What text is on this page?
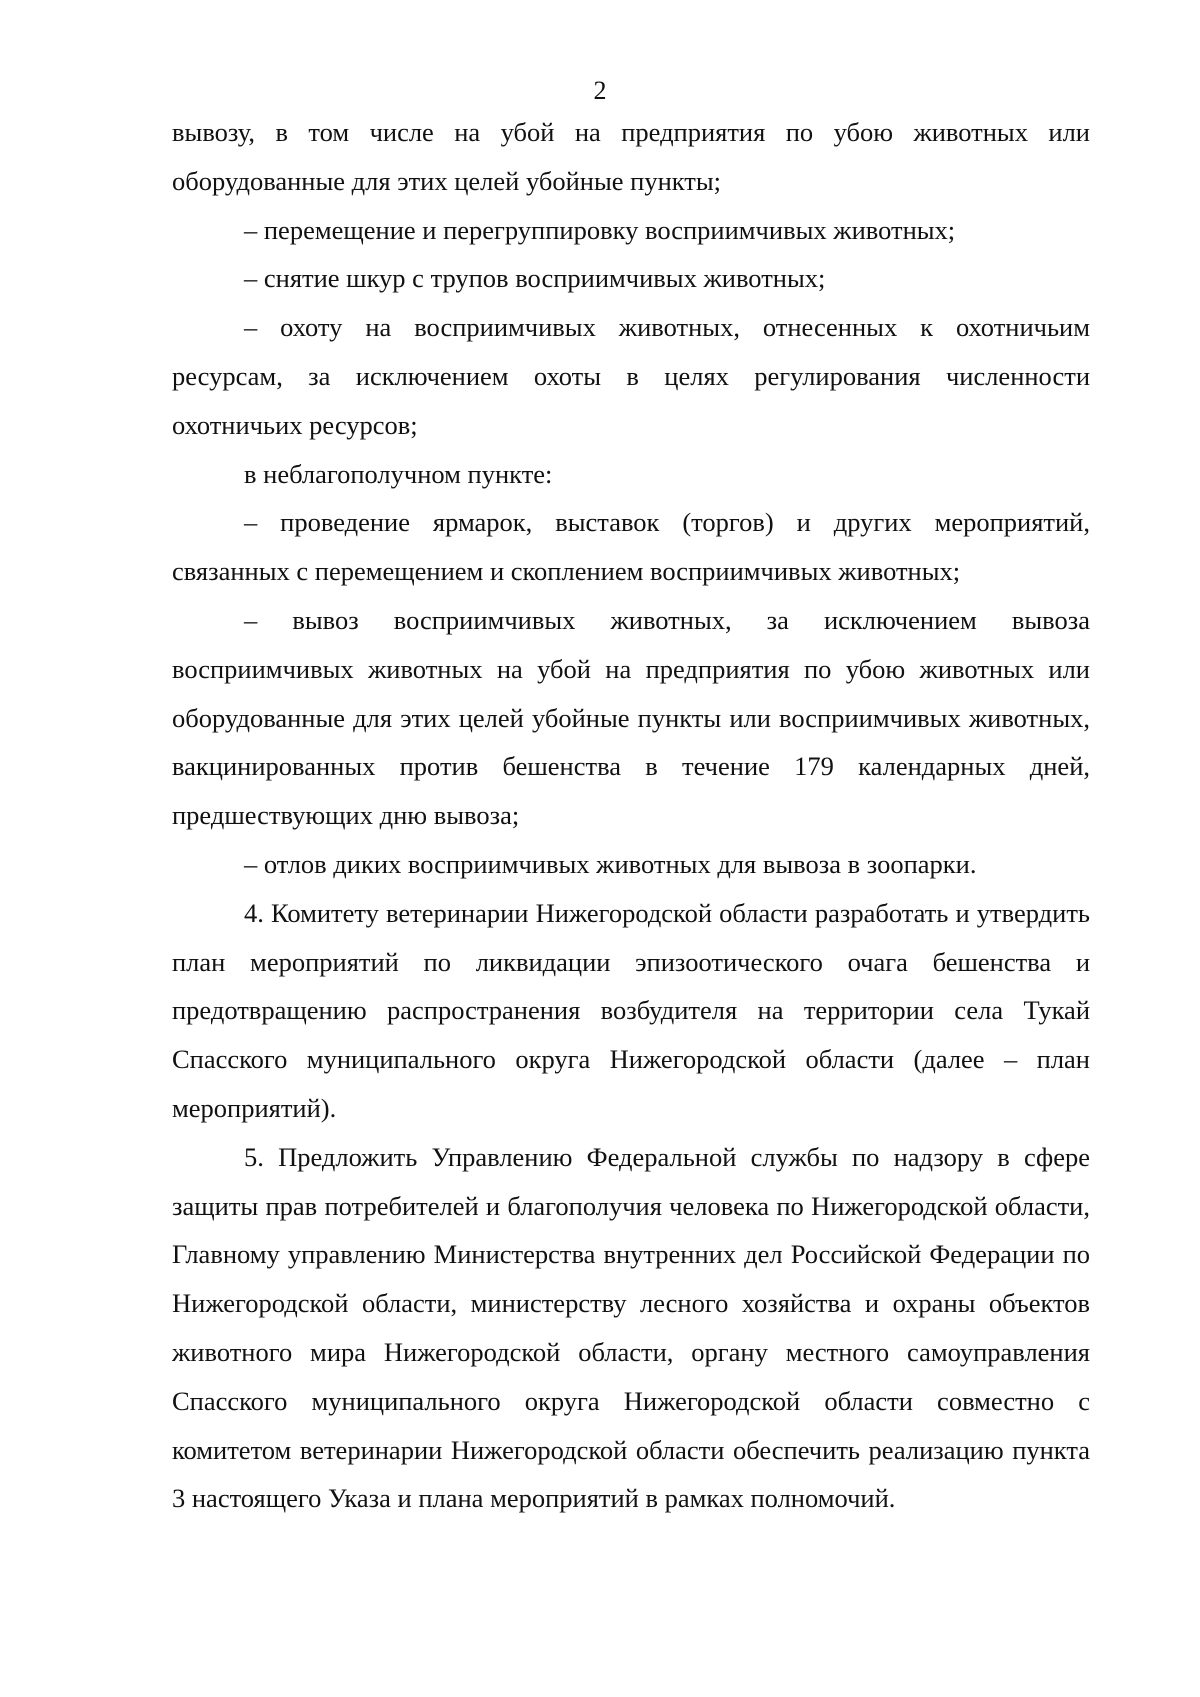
2

вывозу, в том числе на убой на предприятия по убою животных или оборудованные для этих целей убойные пункты;

– перемещение и перегруппировку восприимчивых животных;

– снятие шкур с трупов восприимчивых животных;

– охоту на восприимчивых животных, отнесенных к охотничьим ресурсам, за исключением охоты в целях регулирования численности охотничьих ресурсов;

в неблагополучном пункте:

– проведение ярмарок, выставок (торгов) и других мероприятий, связанных с перемещением и скоплением восприимчивых животных;

– вывоз восприимчивых животных, за исключением вывоза восприимчивых животных на убой на предприятия по убою животных или оборудованные для этих целей убойные пункты или восприимчивых животных, вакцинированных против бешенства в течение 179 календарных дней, предшествующих дню вывоза;

– отлов диких восприимчивых животных для вывоза в зоопарки.

4. Комитету ветеринарии Нижегородской области разработать и утвердить план мероприятий по ликвидации эпизоотического очага бешенства и предотвращению распространения возбудителя на территории села Тукай Спасского муниципального округа Нижегородской области (далее – план мероприятий).

5. Предложить Управлению Федеральной службы по надзору в сфере защиты прав потребителей и благополучия человека по Нижегородской области, Главному управлению Министерства внутренних дел Российской Федерации по Нижегородской области, министерству лесного хозяйства и охраны объектов животного мира Нижегородской области, органу местного самоуправления Спасского муниципального округа Нижегородской области совместно с комитетом ветеринарии Нижегородской области обеспечить реализацию пункта 3 настоящего Указа и плана мероприятий в рамках полномочий.
